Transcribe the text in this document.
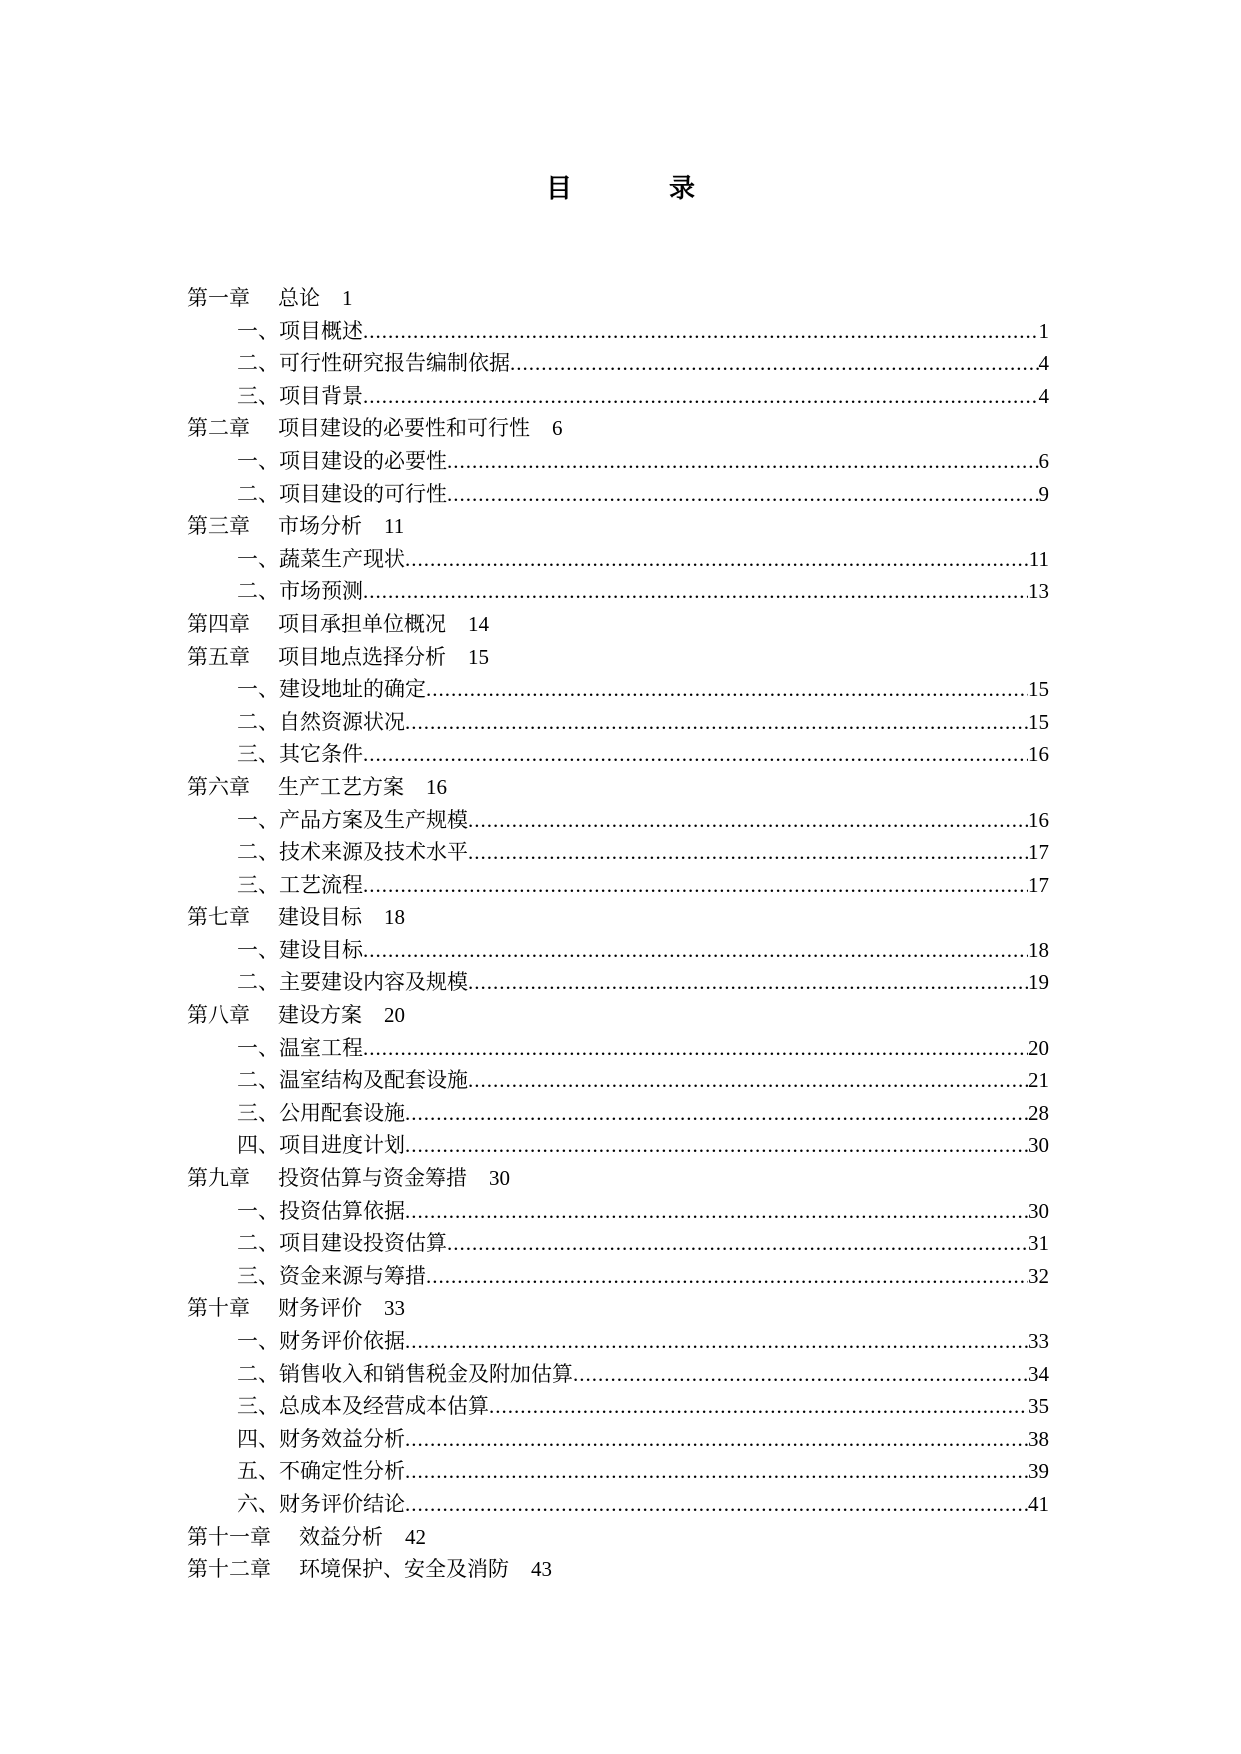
目 录
第一章 总论 1
一、项目概述 .....	1
二、可行性研究报告编制依据 .....	4
三、项目背景 .....	4
第二章 项目建设的必要性和可行性 6
一、项目建设的必要性 .....	6
二、项目建设的可行性 .....	9
第三章 市场分析 11
一、蔬菜生产现状 .....	11
二、市场预测 .....	13
第四章 项目承担单位概况 14
第五章 项目地点选择分析 15
一、建设地址的确定 .....	15
二、自然资源状况 .....	15
三、其它条件 .....	16
第六章 生产工艺方案 16
一、产品方案及生产规模 .....	16
二、技术来源及技术水平 .....	17
三、工艺流程 .....	17
第七章 建设目标 18
一、建设目标 .....	18
二、主要建设内容及规模 .....	19
第八章 建设方案 20
一、温室工程 .....	20
二、温室结构及配套设施 .....	21
三、公用配套设施 .....	28
四、项目进度计划 .....	30
第九章 投资估算与资金筹措 30
一、投资估算依据 .....	30
二、项目建设投资估算 .....	31
三、资金来源与筹措 .....	32
第十章 财务评价 33
一、财务评价依据 .....	33
二、销售收入和销售税金及附加估算 .....	34
三、总成本及经营成本估算 .....	35
四、财务效益分析 .....	38
五、不确定性分析 .....	39
六、财务评价结论 .....	41
第十一章 效益分析 42
第十二章 环境保护、安全及消防 43
